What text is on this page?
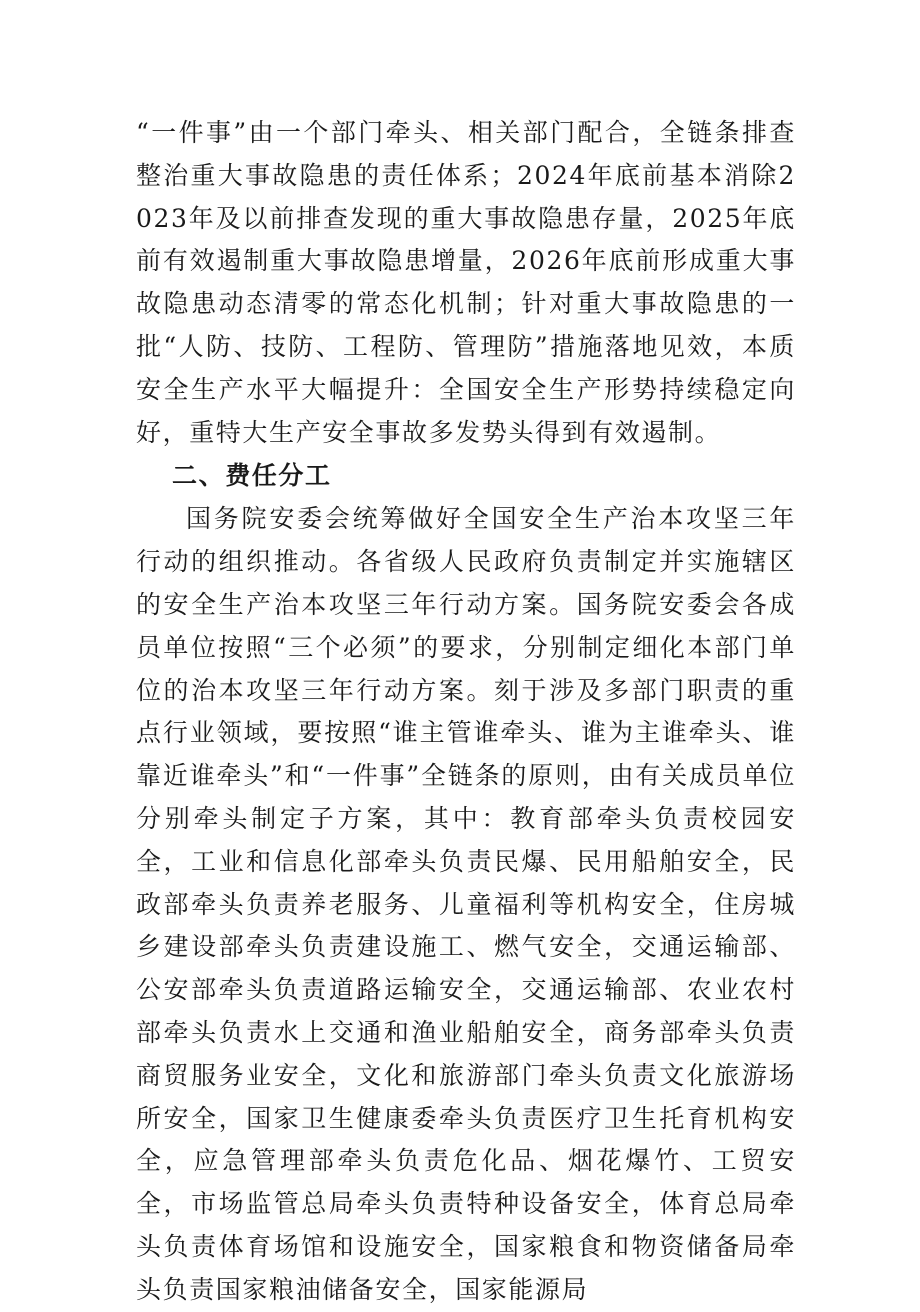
“一件事”由一个部门牵头、相关部门配合，全链条排查整治重大事故隐患的责任体系；2024年底前基本消除2023年及以前排查发现的重大事故隐患存量，2025年底前有效遏制重大事故隐患增量，2026年底前形成重大事故隐患动态清零的常态化机制；针对重大事故隐患的一批“人防、技防、工程防、管理防”措施落地见效，本质安全生产水平大幅提升：全国安全生产形势持续稳定向好，重特大生产安全事故多发势头得到有效遏制。

二、费任分工

国务院安委会统筹做好全国安全生产治本攻坚三年行动的组织推动。各省级人民政府负责制定并实施辖区的安全生产治本攻坚三年行动方案。国务院安委会各成员单位按照“三个必须”的要求，分别制定细化本部门单位的治本攻坚三年行动方案。刻于涉及多部门职责的重点行业领域，要按照“谁主管谁牵头、谁为主谁牵头、谁靠近谁牵头”和“一件事”全链条的原则，由有关成员单位分别牵头制定子方案，其中：教育部牵头负责校园安全，工业和信息化部牵头负责民爆、民用船舶安全，民政部牵头负责养老服务、儿童福利等机构安全，住房城乡建设部牵头负责建设施工、燃气安全，交通运输部、公安部牵头负责道路运输安全，交通运输部、农业农村部牵头负责水上交通和渔业船舶安全，商务部牵头负责商贸服务业安全，文化和旅游部门牵头负责文化旅游场所安全，国家卫生健康委牵头负责医疗卫生托育机构安全，应急管理部牵头负责危化品、烟花爆竹、工贸安全，市场监管总局牵头负责特种设备安全，体育总局牵头负责体育场馆和设施安全，国家粮食和物资储备局牵头负责国家粮油储备安全，国家能源局
